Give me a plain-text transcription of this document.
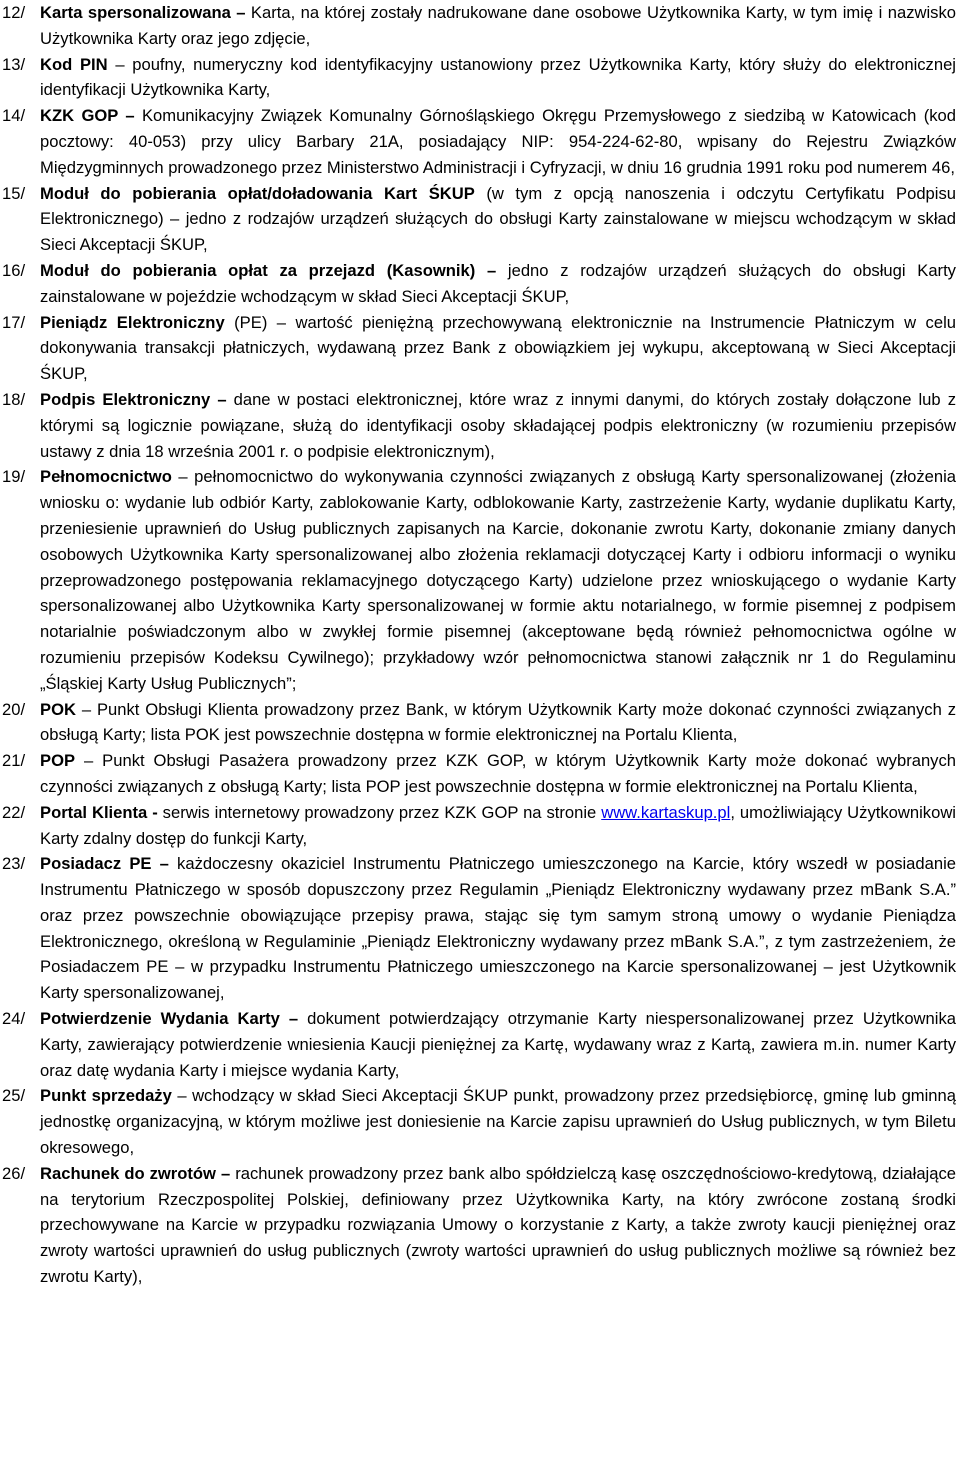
12/ Karta spersonalizowana – Karta, na której zostały nadrukowane dane osobowe Użytkownika Karty, w tym imię i nazwisko Użytkownika Karty oraz jego zdjęcie,
13/ Kod PIN – poufny, numeryczny kod identyfikacyjny ustanowiony przez Użytkownika Karty, który służy do elektronicznej identyfikacji Użytkownika Karty,
14/ KZK GOP – Komunikacyjny Związek Komunalny Górnośląskiego Okręgu Przemysłowego z siedzibą w Katowicach (kod pocztowy: 40-053) przy ulicy Barbary 21A, posiadający NIP: 954-224-62-80, wpisany do Rejestru Związków Międzygminnych prowadzonego przez Ministerstwo Administracji i Cyfryzacji, w dniu 16 grudnia 1991 roku pod numerem 46,
15/ Moduł do pobierania opłat/doładowania Kart ŚKUP (w tym z opcją nanoszenia i odczytu Certyfikatu Podpisu Elektronicznego) – jedno z rodzajów urządzeń służących do obsługi Karty zainstalowane w miejscu wchodzącym w skład Sieci Akceptacji ŚKUP,
16/ Moduł do pobierania opłat za przejazd (Kasownik) – jedno z rodzajów urządzeń służących do obsługi Karty zainstalowane w pojeździe wchodzącym w skład Sieci Akceptacji ŚKUP,
17/ Pieniądz Elektroniczny (PE) – wartość pieniężną przechowywaną elektronicznie na Instrumencie Płatniczym w celu dokonywania transakcji płatniczych, wydawaną przez Bank z obowiązkiem jej wykupu, akceptowaną w Sieci Akceptacji ŚKUP,
18/ Podpis Elektroniczny – dane w postaci elektronicznej, które wraz z innymi danymi, do których zostały dołączone lub z którymi są logicznie powiązane, służą do identyfikacji osoby składającej podpis elektroniczny (w rozumieniu przepisów ustawy z dnia 18 września 2001 r. o podpisie elektronicznym),
19/ Pełnomocnictwo – pełnomocnictwo do wykonywania czynności związanych z obsługą Karty spersonalizowanej (złożenia wniosku o: wydanie lub odbiór Karty, zablokowanie Karty, odblokowanie Karty, zastrzeżenie Karty, wydanie duplikatu Karty, przeniesienie uprawnień do Usług publicznych zapisanych na Karcie, dokonanie zwrotu Karty, dokonanie zmiany danych osobowych Użytkownika Karty spersonalizowanej albo złożenia reklamacji dotyczącej Karty i odbioru informacji o wyniku przeprowadzonego postępowania reklamacyjnego dotyczącego Karty) udzielone przez wnioskującego o wydanie Karty spersonalizowanej albo Użytkownika Karty spersonalizowanej w formie aktu notarialnego, w formie pisemnej z podpisem notarialnie poświadczonym albo w zwykłej formie pisemnej (akceptowane będą również pełnomocnictwa ogólne w rozumieniu przepisów Kodeksu Cywilnego); przykładowy wzór pełnomocnictwa stanowi załącznik nr 1 do Regulaminu „Śląskiej Karty Usług Publicznych”;
20/ POK – Punkt Obsługi Klienta prowadzony przez Bank, w którym Użytkownik Karty może dokonać czynności związanych z obsługą Karty; lista POK jest powszechnie dostępna w formie elektronicznej na Portalu Klienta,
21/ POP – Punkt Obsługi Pasażera prowadzony przez KZK GOP, w którym Użytkownik Karty może dokonać wybranych czynności związanych z obsługą Karty; lista POP jest powszechnie dostępna w formie elektronicznej na Portalu Klienta,
22/ Portal Klienta - serwis internetowy prowadzony przez KZK GOP na stronie www.kartaskup.pl, umożliwiający Użytkownikowi Karty zdalny dostęp do funkcji Karty,
23/ Posiadacz PE – każdoczesny okaziciel Instrumentu Płatniczego umieszczonego na Karcie, który wszedł w posiadanie Instrumentu Płatniczego w sposób dopuszczony przez Regulamin „Pieniądz Elektroniczny wydawany przez mBank S.A.” oraz przez powszechnie obowiązujące przepisy prawa, stając się tym samym stroną umowy o wydanie Pieniądza Elektronicznego, określoną w Regulaminie „Pieniądz Elektroniczny wydawany przez mBank S.A.”, z tym zastrzeżeniem, że Posiadaczem PE – w przypadku Instrumentu Płatniczego umieszczonego na Karcie spersonalizowanej – jest Użytkownik Karty spersonalizowanej,
24/ Potwierdzenie Wydania Karty – dokument potwierdzający otrzymanie Karty niespersonalizowanej przez Użytkownika Karty, zawierający potwierdzenie wniesienia Kaucji pieniężnej za Kartę, wydawany wraz z Kartą, zawiera m.in. numer Karty oraz datę wydania Karty i miejsce wydania Karty,
25/ Punkt sprzedaży – wchodzący w skład Sieci Akceptacji ŚKUP punkt, prowadzony przez przedsiębiorcę, gminę lub gminną jednostkę organizacyjną, w którym możliwe jest doniesienie na Karcie zapisu uprawnień do Usług publicznych, w tym Biletu okresowego,
26/ Rachunek do zwrotów – rachunek prowadzony przez bank albo spółdzielczą kasę oszczędnościowo-kredytową, działające na terytorium Rzeczpospolitej Polskiej, definiowany przez Użytkownika Karty, na który zwrócone zostaną środki przechowywane na Karcie w przypadku rozwiązania Umowy o korzystanie z Karty, a także zwroty kaucji pieniężnej oraz zwroty wartości uprawnień do usług publicznych (zwroty wartości uprawnień do usług publicznych możliwe są również bez zwrotu Karty),
